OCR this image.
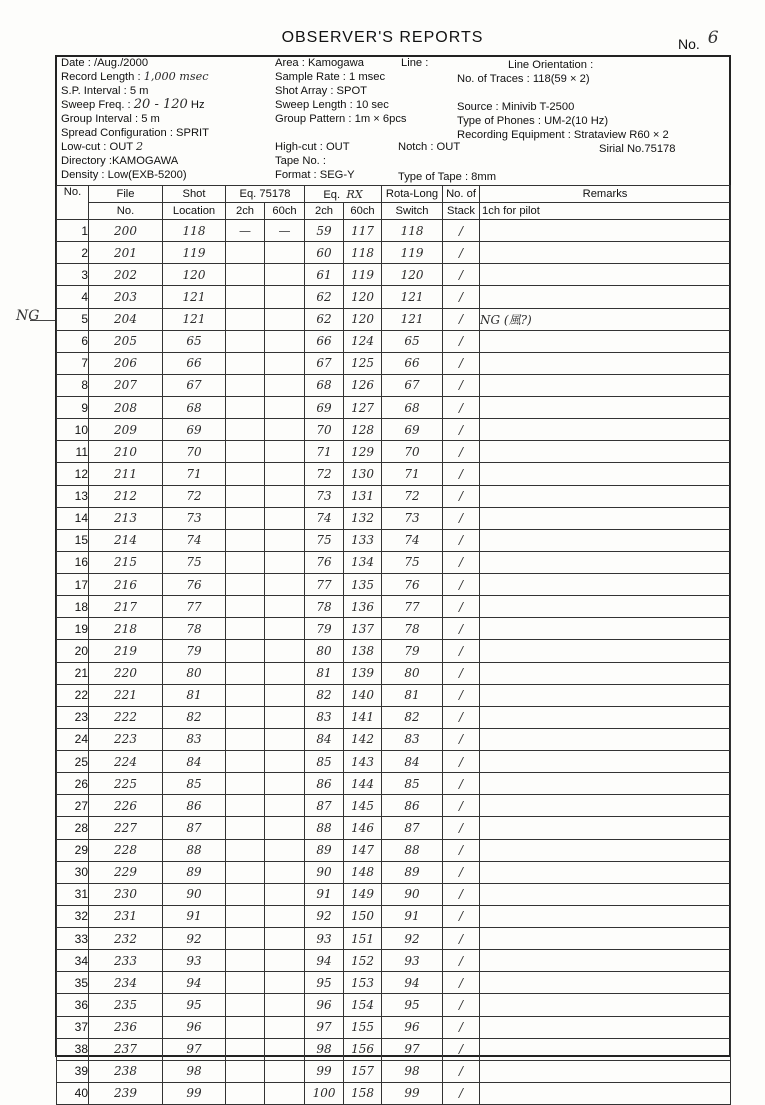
OBSERVER'S REPORTS	No. 6
NG
Date : /Aug./2000
Record Length : 1,000 msec
S.P. Interval : 5 m
Sweep Freq. : 20 - 120 Hz
Group Interval : 5 m
Spread Configuration : SPRIT
Low-cut : OUT 2
Directory :KAMOGAWA
Density : Low(EXB-5200)
Area : Kamogawa	Line :
Sample Rate : 1 msec
Shot Array : SPOT
Sweep Length : 10 sec
Group Pattern : 1m × 6pcs
High-cut : OUT
Tape No. :
Format : SEG-Y
Line Orientation :
No. of Traces : 118(59 × 2)
Source : Minivib T-2500
Type of Phones : UM-2(10 Hz)
Recording Equipment : Strataview R60 × 2
Sirial No.75178
Notch : OUT
Type of Tape : 8mm
No.	File	Shot	Eq. 75178		Eq. RX		Rota-Long	No. of	Remarks
	No.	Location	2ch	60ch	2ch	60ch	Switch	Stack	1ch for pilot
1	200	118	—	—	59	117	118	/	
2	201	119			60	118	119	/	
3	202	120			61	119	120	/	
4	203	121			62	120	121	/	
5	204	121			62	120	121	/	NG (風?)
6	205	65			66	124	65	/	
7	206	66			67	125	66	/	
8	207	67			68	126	67	/	
9	208	68			69	127	68	/	
10	209	69			70	128	69	/	
11	210	70			71	129	70	/	
12	211	71			72	130	71	/	
13	212	72			73	131	72	/	
14	213	73			74	132	73	/	
15	214	74			75	133	74	/	
16	215	75			76	134	75	/	
17	216	76			77	135	76	/	
18	217	77			78	136	77	/	
19	218	78			79	137	78	/	
20	219	79			80	138	79	/	
21	220	80			81	139	80	/	
22	221	81			82	140	81	/	
23	222	82			83	141	82	/	
24	223	83			84	142	83	/	
25	224	84			85	143	84	/	
26	225	85			86	144	85	/	
27	226	86			87	145	86	/	
28	227	87			88	146	87	/	
29	228	88			89	147	88	/	
30	229	89			90	148	89	/	
31	230	90			91	149	90	/	
32	231	91			92	150	91	/	
33	232	92			93	151	92	/	
34	233	93			94	152	93	/	
35	234	94			95	153	94	/	
36	235	95			96	154	95	/	
37	236	96			97	155	96	/	
38	237	97			98	156	97	/	
39	238	98			99	157	98	/	
40	239	99			100	158	99	/	
